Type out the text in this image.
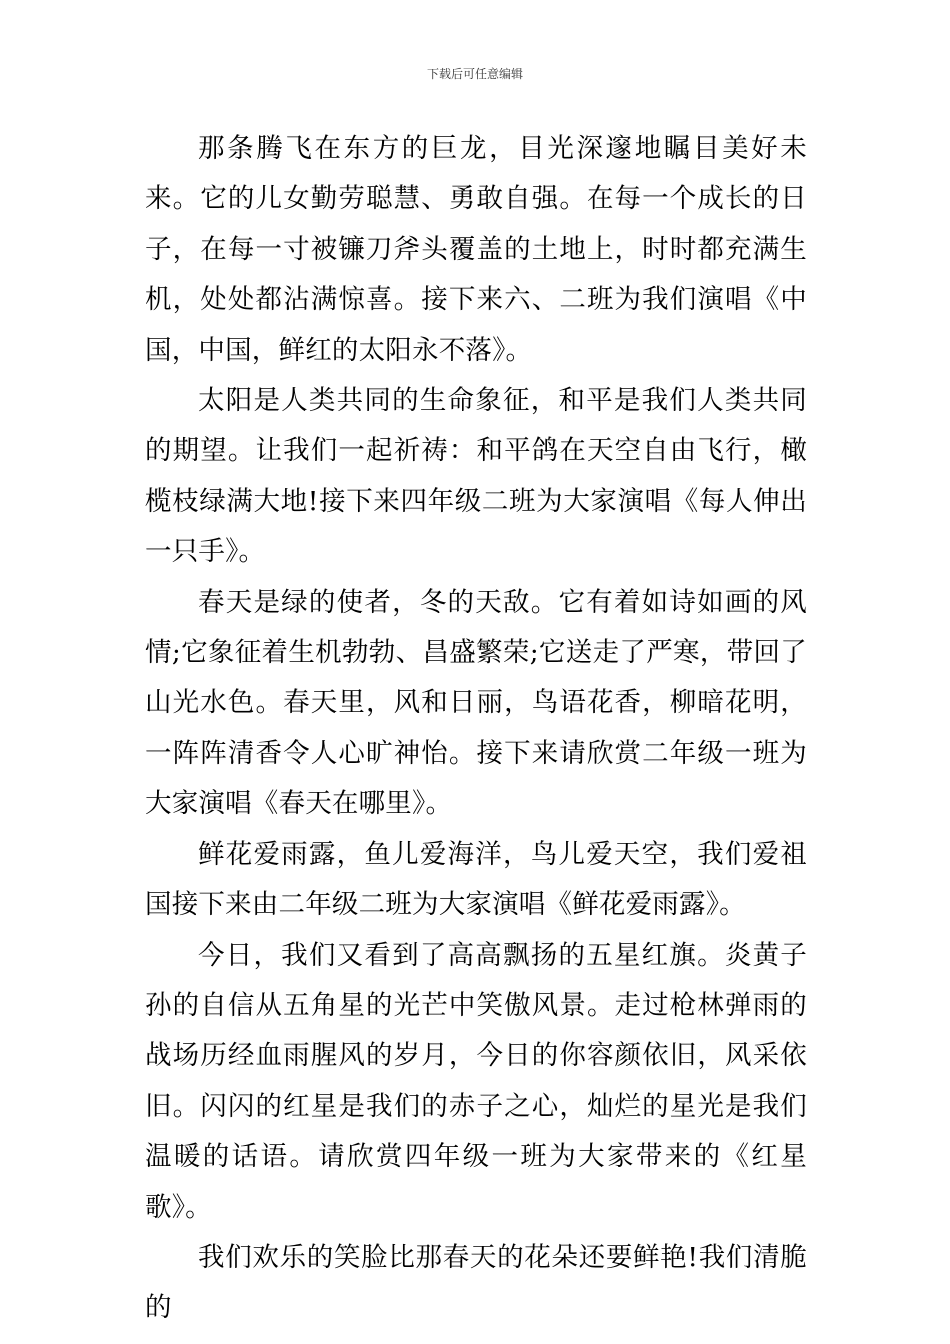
下载后可任意编辑

那条腾飞在东方的巨龙，目光深邃地瞩目美好未来。它的儿女勤劳聪慧、勇敢自强。在每一个成长的日子，在每一寸被镰刀斧头覆盖的土地上，时时都充满生机，处处都沾满惊喜。接下来六、二班为我们演唱《中国，中国，鲜红的太阳永不落》。

太阳是人类共同的生命象征，和平是我们人类共同的期望。让我们一起祈祷：和平鸽在天空自由飞行，橄榄枝绿满大地!接下来四年级二班为大家演唱《每人伸出一只手》。

春天是绿的使者，冬的天敌。它有着如诗如画的风情;它象征着生机勃勃、昌盛繁荣;它送走了严寒，带回了山光水色。春天里，风和日丽，鸟语花香，柳暗花明，一阵阵清香令人心旷神怡。接下来请欣赏二年级一班为大家演唱《春天在哪里》。

鲜花爱雨露，鱼儿爱海洋，鸟儿爱天空，我们爱祖国接下来由二年级二班为大家演唱《鲜花爱雨露》。

今日，我们又看到了高高飘扬的五星红旗。炎黄子孙的自信从五角星的光芒中笑傲风景。走过枪林弹雨的战场历经血雨腥风的岁月，今日的你容颜依旧，风采依旧。闪闪的红星是我们的赤子之心，灿烂的星光是我们温暖的话语。请欣赏四年级一班为大家带来的《红星歌》。

我们欢乐的笑脸比那春天的花朵还要鲜艳!我们清脆的
